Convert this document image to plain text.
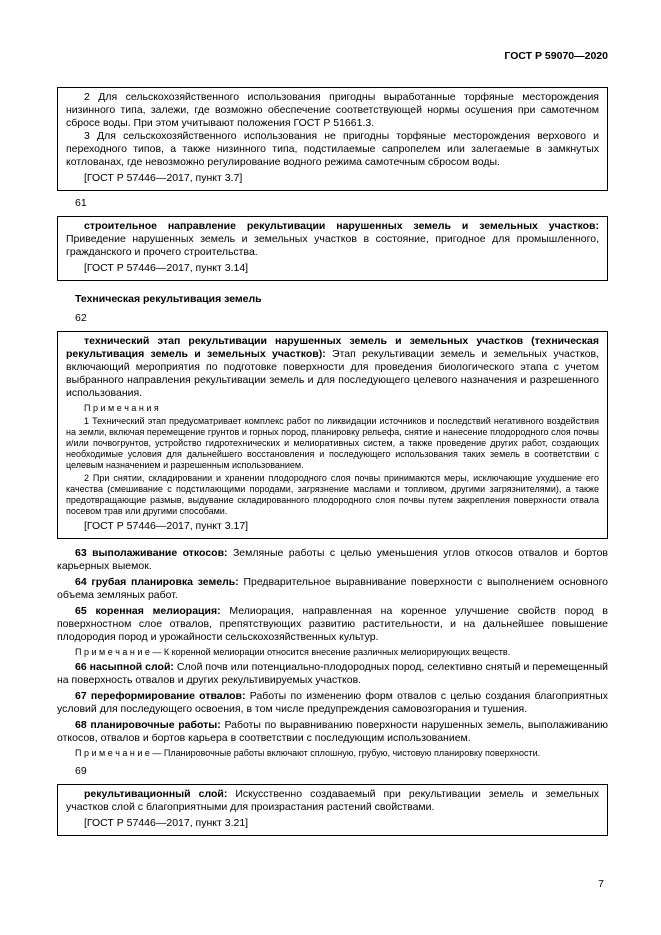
ГОСТ Р 59070—2020

2 Для сельскохозяйственного использования пригодны выработанные торфяные месторождения низинного типа, залежи, где возможно обеспечение соответствующей нормы осушения при самотечном сбросе воды. При этом учитывают положения ГОСТ Р 51661.3.

3 Для сельскохозяйственного использования не пригодны торфяные месторождения верхового и переходного типов, а также низинного типа, подстилаемые сапропелем или залегаемые в замкнутых котлованах, где невозможно регулирование водного режима самотечным сбросом воды.

[ГОСТ Р 57446—2017, пункт 3.7]

61

строительное направление рекультивации нарушенных земель и земельных участков: Приведение нарушенных земель и земельных участков в состояние, пригодное для промышленного, гражданского и прочего строительства.

[ГОСТ Р 57446—2017, пункт 3.14]

Техническая рекультивация земель

62

технический этап рекультивации нарушенных земель и земельных участков (техническая рекультивация земель и земельных участков): Этап рекультивации земель и земельных участков, включающий мероприятия по подготовке поверхности для проведения биологического этапа с учетом выбранного направления рекультивации земель и для последующего целевого назначения и разрешенного использования.

П р и м е ч а н и я

1 Технический этап предусматривает комплекс работ по ликвидации источников и последствий негативного воздействия на земли, включая перемещение грунтов и горных пород, планировку рельефа, снятие и нанесение плодородного слоя почвы и/или почвогрунтов, устройство гидротехнических и мелиоративных систем, а также проведение других работ, создающих необходимые условия для дальнейшего восстановления и последующего использования таких земель в соответствии с целевым назначением и разрешенным использованием.

2 При снятии, складировании и хранении плодородного слоя почвы принимаются меры, исключающие ухудшение его качества (смешивание с подстилающими породами, загрязнение маслами и топливом, другими загрязнителями), а также предотвращающие размыв, выдувание складированного плодородного слоя почвы путем закрепления поверхности отвала посевом трав или другими способами.

[ГОСТ Р 57446—2017, пункт 3.17]

63 выполаживание откосов: Земляные работы с целью уменьшения углов откосов отвалов и бортов карьерных выемок.

64 грубая планировка земель: Предварительное выравнивание поверхности с выполнением основного объема земляных работ.

65 коренная мелиорация: Мелиорация, направленная на коренное улучшение свойств пород в поверхностном слое отвалов, препятствующих развитию растительности, и на дальнейшее повышение плодородия пород и урожайности сельскохозяйственных культур.

П р и м е ч а н и е — К коренной мелиорации относится внесение различных мелиорирующих веществ.

66 насыпной слой: Слой почв или потенциально-плодородных пород, селективно снятый и перемещенный на поверхность отвалов и других рекультивируемых участков.

67 переформирование отвалов: Работы по изменению форм отвалов с целью создания благоприятных условий для последующего освоения, в том числе предупреждения самовозгорания и тушения.

68 планировочные работы: Работы по выравниванию поверхности нарушенных земель, выполаживанию откосов, отвалов и бортов карьера в соответствии с последующим использованием.

П р и м е ч а н и е — Планировочные работы включают сплошную, грубую, чистовую планировку поверхности.

69

рекультивационный слой: Искусственно создаваемый при рекультивации земель и земельных участков слой с благоприятными для произрастания растений свойствами.

[ГОСТ Р 57446—2017, пункт 3.21]

7
